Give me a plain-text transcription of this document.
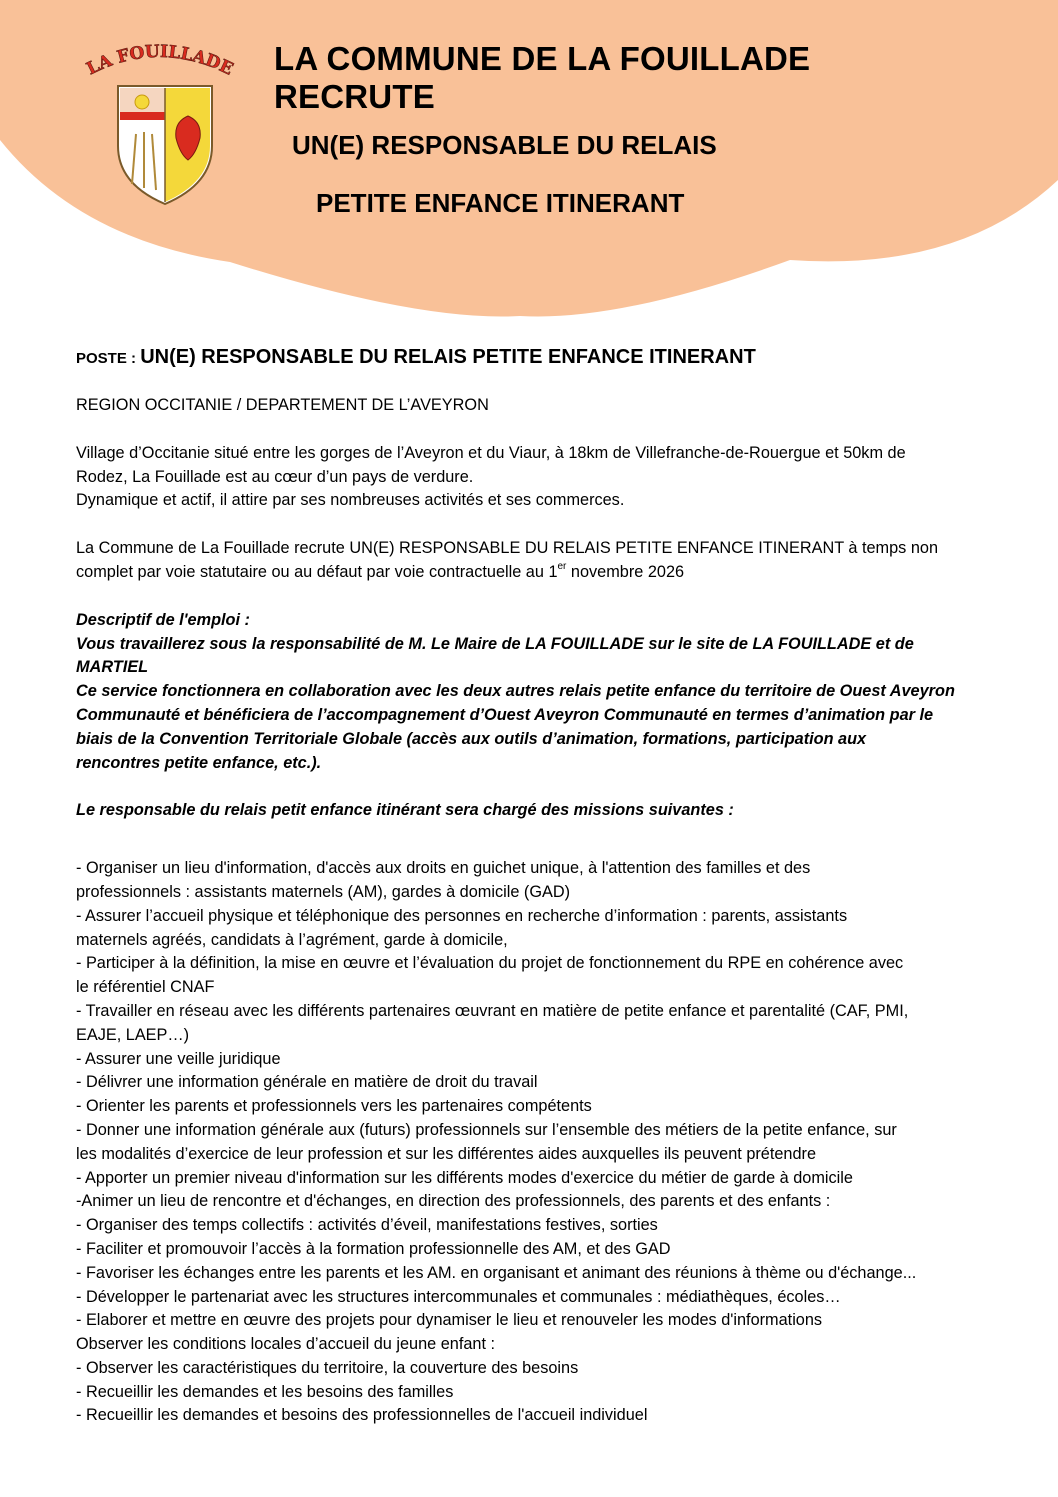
LA FOUILLADE LA COMMUNE DE LA FOUILLADE

RECRUTE

UN(E) RESPONSABLE DU RELAIS

PETITE ENFANCE ITINERANT

POSTE : UN(E) RESPONSABLE DU RELAIS PETITE ENFANCE ITINERANT

REGION OCCITANIE / DEPARTEMENT DE L’AVEYRON

Village d’Occitanie situé entre les gorges de l’Aveyron et du Viaur, à 18km de Villefranche-de-Rouergue et 50km de

Rodez, La Fouillade est au cœur d’un pays de verdure.

Dynamique et actif, il attire par ses nombreuses activités et ses commerces.

La Commune de La Fouillade recrute UN(E) RESPONSABLE DU RELAIS PETITE ENFANCE ITINERANT à temps non

complet par voie statutaire ou au défaut par voie contractuelle au 1er novembre 2026

Descriptif de l'emploi :

Vous travaillerez sous la responsabilité de M. Le Maire de LA FOUILLADE sur le site de LA FOUILLADE et de

MARTIEL

Ce service fonctionnera en collaboration avec les deux autres relais petite enfance du territoire de Ouest Aveyron

Communauté et bénéficiera de l’accompagnement d’Ouest Aveyron Communauté en termes d’animation par le

biais de la Convention Territoriale Globale (accès aux outils d’animation, formations, participation aux

rencontres petite enfance, etc.).

Le responsable du relais petit enfance itinérant sera chargé des missions suivantes :

- Organiser un lieu d'information, d'accès aux droits en guichet unique, à l'attention des familles et des

professionnels : assistants maternels (AM), gardes à domicile (GAD)

- Assurer l’accueil physique et téléphonique des personnes en recherche d’information : parents, assistants

maternels agréés, candidats à l’agrément, garde à domicile,

- Participer à la définition, la mise en œuvre et l’évaluation du projet de fonctionnement du RPE en cohérence avec

le référentiel CNAF

- Travailler en réseau avec les différents partenaires œuvrant en matière de petite enfance et parentalité (CAF, PMI,

EAJE, LAEP…)

- Assurer une veille juridique

- Délivrer une information générale en matière de droit du travail

- Orienter les parents et professionnels vers les partenaires compétents

- Donner une information générale aux (futurs) professionnels sur l’ensemble des métiers de la petite enfance, sur

les modalités d’exercice de leur profession et sur les différentes aides auxquelles ils peuvent prétendre

- Apporter un premier niveau d'information sur les différents modes d'exercice du métier de garde à domicile

-Animer un lieu de rencontre et d'échanges, en direction des professionnels, des parents et des enfants :

- Organiser des temps collectifs : activités d’éveil, manifestations festives, sorties

- Faciliter et promouvoir l’accès à la formation professionnelle des AM, et des GAD

- Favoriser les échanges entre les parents et les AM. en organisant et animant des réunions à thème ou d'échange...

- Développer le partenariat avec les structures intercommunales et communales : médiathèques, écoles…

- Elaborer et mettre en œuvre des projets pour dynamiser le lieu et renouveler les modes d'informations

Observer les conditions locales d’accueil du jeune enfant :

- Observer les caractéristiques du territoire, la couverture des besoins

- Recueillir les demandes et les besoins des familles

- Recueillir les demandes et besoins des professionnelles de l'accueil individuel
